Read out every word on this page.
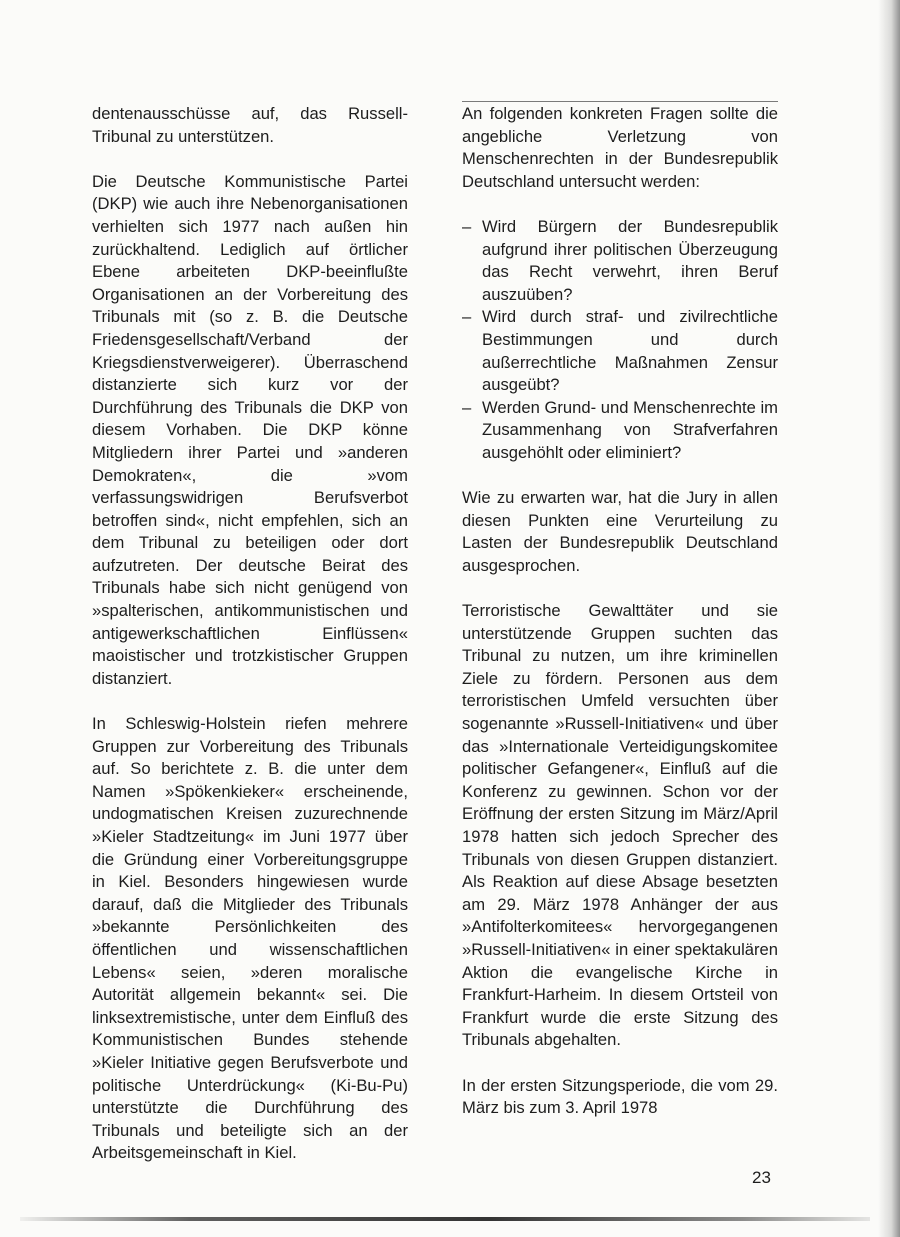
dentenausschüsse auf, das Russell-Tribunal zu unterstützen.

Die Deutsche Kommunistische Partei (DKP) wie auch ihre Nebenorganisationen verhielten sich 1977 nach außen hin zurückhaltend. Lediglich auf örtlicher Ebene arbeiteten DKP-beeinflußte Organisationen an der Vorbereitung des Tribunals mit (so z. B. die Deutsche Friedensgesellschaft/Verband der Kriegsdienstverweigerer). Überraschend distanzierte sich kurz vor der Durchführung des Tribunals die DKP von diesem Vorhaben. Die DKP könne Mitgliedern ihrer Partei und »anderen Demokraten«, die »vom verfassungswidrigen Berufsverbot betroffen sind«, nicht empfehlen, sich an dem Tribunal zu beteiligen oder dort aufzutreten. Der deutsche Beirat des Tribunals habe sich nicht genügend von »spalterischen, antikommunistischen und antigewerkschaftlichen Einflüssen« maoistischer und trotzkistischer Gruppen distanziert.

In Schleswig-Holstein riefen mehrere Gruppen zur Vorbereitung des Tribunals auf. So berichtete z. B. die unter dem Namen »Spökenkieker« erscheinende, undogmatischen Kreisen zuzurechnende »Kieler Stadtzeitung« im Juni 1977 über die Gründung einer Vorbereitungsgruppe in Kiel. Besonders hingewiesen wurde darauf, daß die Mitglieder des Tribunals »bekannte Persönlichkeiten des öffentlichen und wissenschaftlichen Lebens« seien, »deren moralische Autorität allgemein bekannt« sei. Die linksextremistische, unter dem Einfluß des Kommunistischen Bundes stehende »Kieler Initiative gegen Berufsverbote und politische Unterdrückung« (Ki-Bu-Pu) unterstützte die Durchführung des Tribunals und beteiligte sich an der Arbeitsgemeinschaft in Kiel.

An folgenden konkreten Fragen sollte die angebliche Verletzung von Menschenrechten in der Bundesrepublik Deutschland untersucht werden:

– Wird Bürgern der Bundesrepublik aufgrund ihrer politischen Überzeugung das Recht verwehrt, ihren Beruf auszuüben?
– Wird durch straf- und zivilrechtliche Bestimmungen und durch außerrechtliche Maßnahmen Zensur ausgeübt?
– Werden Grund- und Menschenrechte im Zusammenhang von Strafverfahren ausgehöhlt oder eliminiert?

Wie zu erwarten war, hat die Jury in allen diesen Punkten eine Verurteilung zu Lasten der Bundesrepublik Deutschland ausgesprochen.

Terroristische Gewalttäter und sie unterstützende Gruppen suchten das Tribunal zu nutzen, um ihre kriminellen Ziele zu fördern. Personen aus dem terroristischen Umfeld versuchten über sogenannte »Russell-Initiativen« und über das »Internationale Verteidigungskomitee politischer Gefangener«, Einfluß auf die Konferenz zu gewinnen. Schon vor der Eröffnung der ersten Sitzung im März/April 1978 hatten sich jedoch Sprecher des Tribunals von diesen Gruppen distanziert. Als Reaktion auf diese Absage besetzten am 29. März 1978 Anhänger der aus »Antifolterkomitees« hervorgegangenen »Russell-Initiativen« in einer spektakulären Aktion die evangelische Kirche in Frankfurt-Harheim. In diesem Ortsteil von Frankfurt wurde die erste Sitzung des Tribunals abgehalten.

In der ersten Sitzungsperiode, die vom 29. März bis zum 3. April 1978

23
